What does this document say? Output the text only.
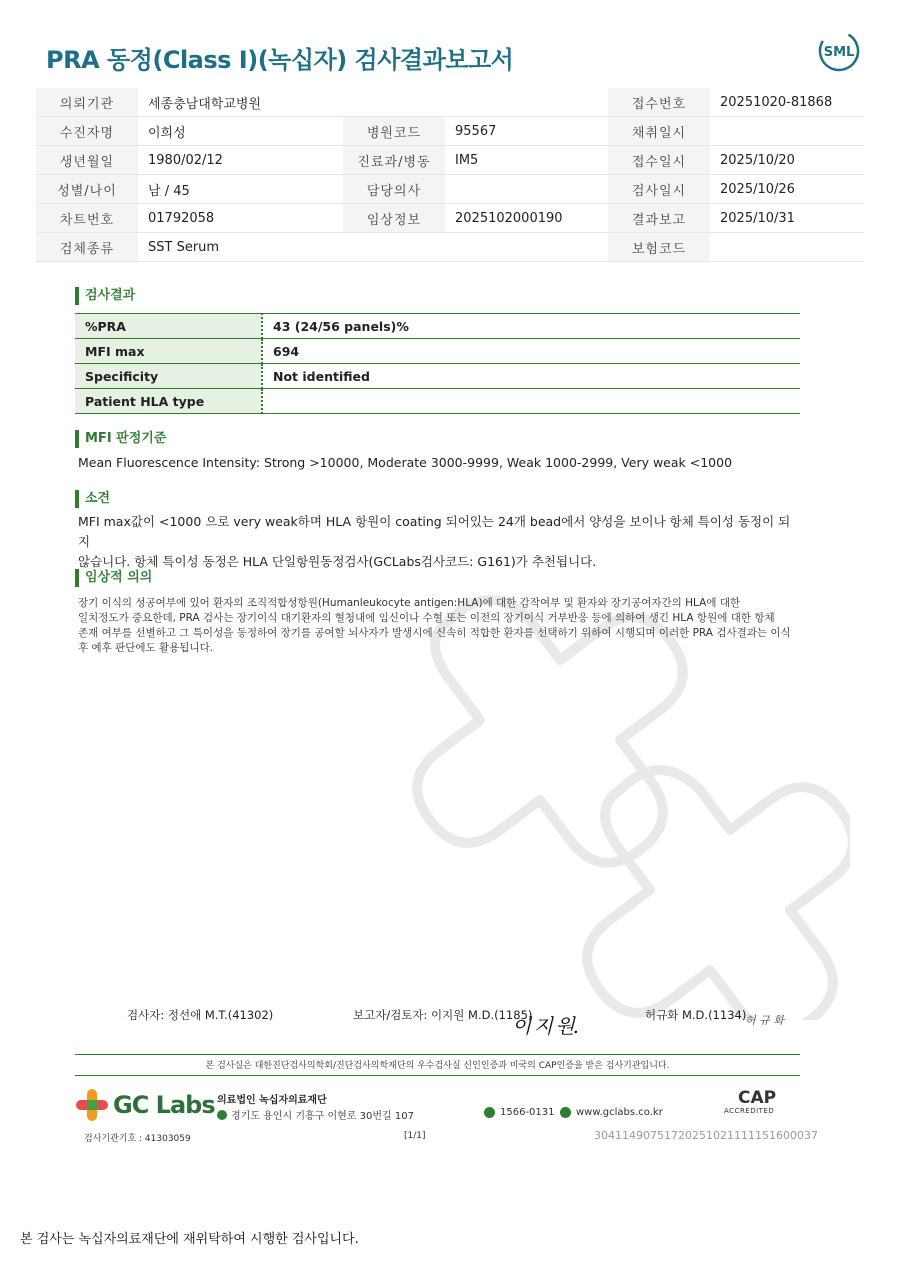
PRA 동정(Class I)(녹십자) 검사결과보고서	SML
의뢰기관	세종충남대학교병원			접수번호	20251020-81868
수진자명	이희성	병원코드	95567	채취일시	
생년월일	1980/02/12	진료과/병동	IM5	접수일시	2025/10/20
성별/나이	남 / 45	담당의사		검사일시	2025/10/26
차트번호	01792058	임상정보	2025102000190	결과보고	2025/10/31
검체종류	SST Serum			보험코드	
검사결과
%PRA	43 (24/56 panels)%
MFI max	694
Specificity	Not identified
Patient HLA type	
MFI 판정기준
Mean Fluorescence Intensity: Strong >10000, Moderate 3000-9999, Weak 1000-2999, Very weak <1000
소견
MFI max값이 <1000 으로 very weak하며 HLA 항원이 coating 되어있는 24개 bead에서 양성을 보이나 항체 특이성 동정이 되지
않습니다. 항체 특이성 동정은 HLA 단일항원동정검사(GCLabs검사코드: G161)가 추천됩니다.
임상적 의의
장기 이식의 성공여부에 있어 환자의 조직적합성항원(Humanleukocyte antigen:HLA)에 대한 감작여부 및 환자와 장기공여자간의 HLA에 대한
일치정도가 중요한데, PRA 검사는 장기이식 대기환자의 혈청내에 임신이나 수혈 또는 이전의 장기이식 거부반응 등에 의하여 생긴 HLA 항원에 대한 항체
존재 여부를 선별하고 그 특이성을 동정하여 장기를 공여할 뇌사자가 발생시에 신속히 적합한 환자를 선택하기 위하여 시행되며 이러한 PRA 검사결과는 이식
후 예후 판단에도 활용됩니다.
검사자: 정선애 M.T.(41302)	보고자/검토자: 이지원 M.D.(1185)
이 지 원.	허규화 M.D.(1134)
허 규 화
본 검사실은 대한진단검사의학회/진단검사의학재단의 우수검사실 신인인증과 미국의 CAP인증을 받은 검사기관입니다.
GC Labs 의료법인 녹십자의료재단
경기도 용인시 기흥구 이현로 30번길 107	1566-0131 www.gclabs.co.kr
CAP
ACCREDITED
검사기관기호 : 41303059	[1/1]	30411490751720251021111151600037
본 검사는 녹십자의료재단에 재위탁하여 시행한 검사입니다.
